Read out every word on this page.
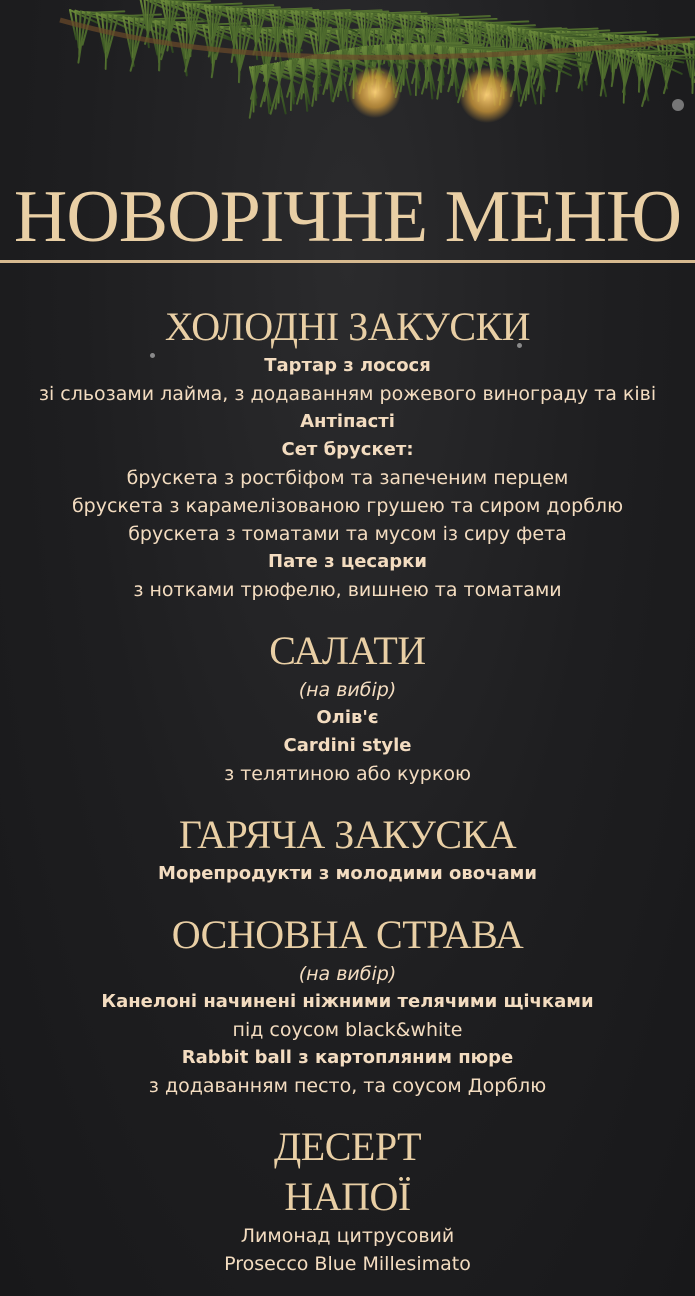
НОВОРІЧНЕ МЕНЮ
ХОЛОДНІ ЗАКУСКИ
Тартар з лосося
зі сльозами лайма, з додаванням рожевого винограду та ківі
Антіпасті
Сет брускет:
брускета з ростбіфом та запеченим перцем
брускета з карамелізованою грушею та сиром дорблю
брускета з томатами та мусом із сиру фета
Пате з цесарки
з нотками трюфелю, вишнею та томатами
САЛАТИ
(на вибір)
Олів'є
Cardini style
з телятиною або куркою
ГАРЯЧА ЗАКУСКА
Морепродукти з молодими овочами
ОСНОВНА СТРАВА
(на вибір)
Канелоні начинені ніжними телячими щічками
під соусом black&white
Rabbit ball з картопляним пюре
з додаванням песто, та соусом Дорблю
ДЕСЕРТ
НАПОЇ
Лимонад цитрусовий
Prosecco Blue Millesimato
